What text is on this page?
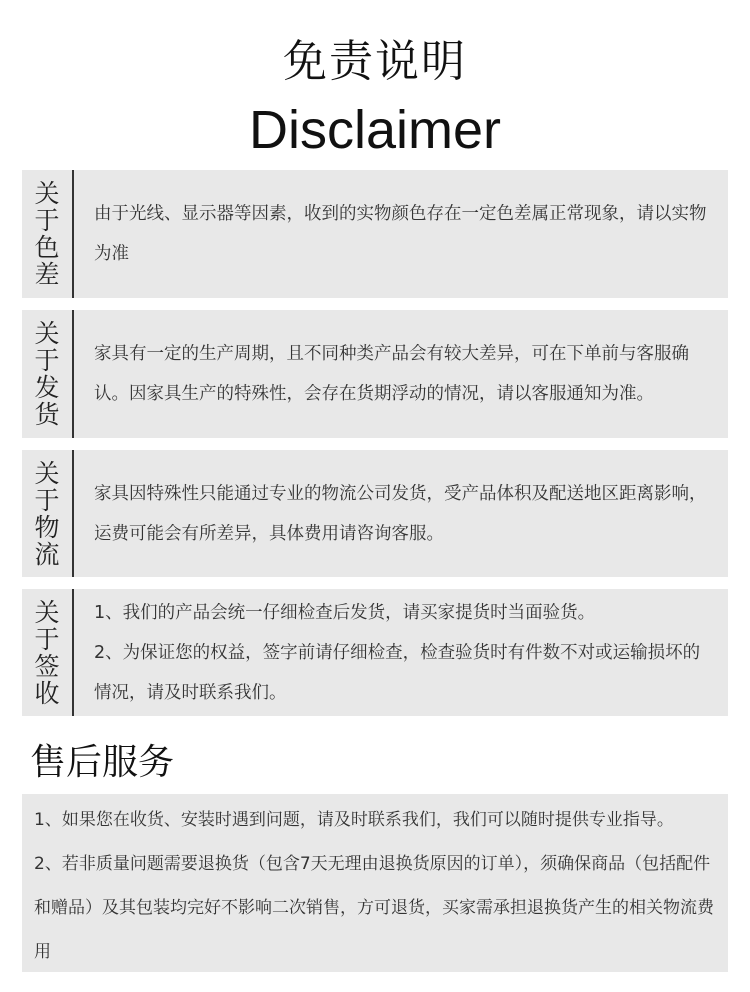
免责说明
Disclaimer
关
于
色
差

由于光线、显示器等因素，收到的实物颜色存在一定色差属正常现象，请以实物为准

关
于
发
货

家具有一定的生产周期，且不同种类产品会有较大差异，可在下单前与客服确认。因家具生产的特殊性，会存在货期浮动的情况，请以客服通知为准。

关
于
物
流

家具因特殊性只能通过专业的物流公司发货，受产品体积及配送地区距离影响，运费可能会有所差异，具体费用请咨询客服。

关
于
签
收

1、我们的产品会统一仔细检查后发货，请买家提货时当面验货。

2、为保证您的权益，签字前请仔细检查，检查验货时有件数不对或运输损坏的情况，请及时联系我们。

售后服务

1、如果您在收货、安装时遇到问题，请及时联系我们，我们可以随时提供专业指导。

2、若非质量问题需要退换货（包含7天无理由退换货原因的订单），须确保商品（包括配件和赠品）及其包装均完好不影响二次销售，方可退货，买家需承担退换货产生的相关物流费用
